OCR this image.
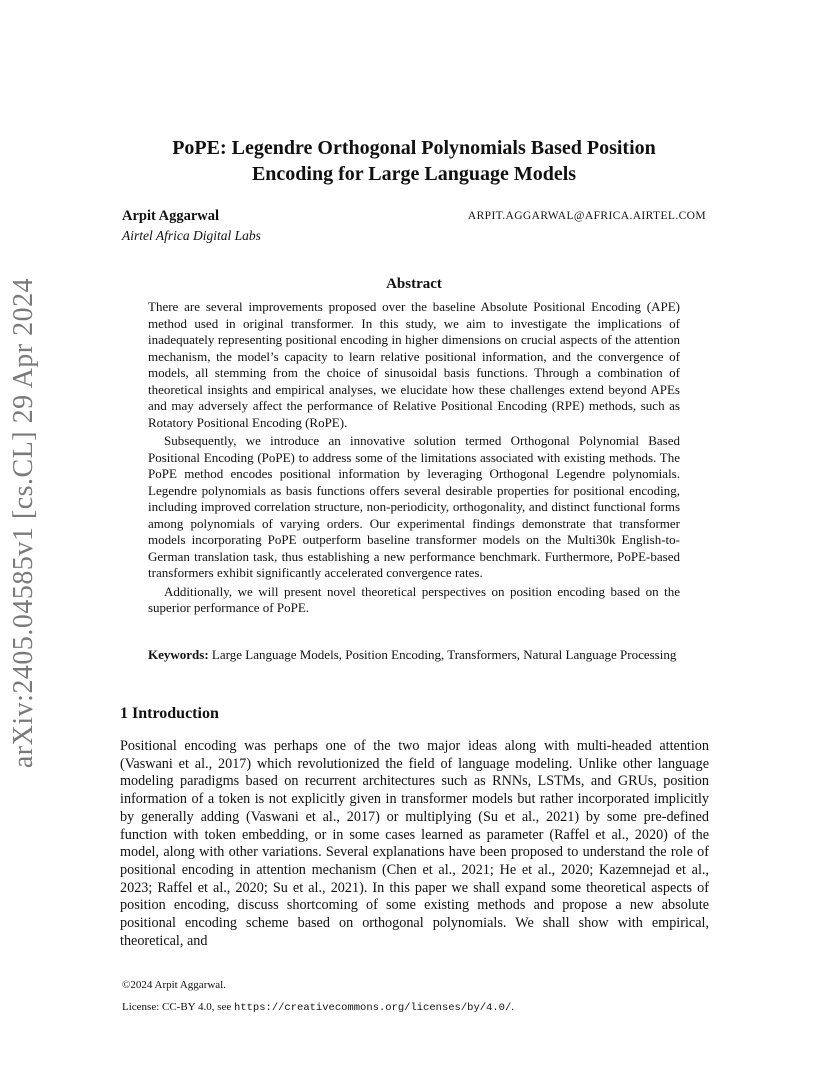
arXiv:2405.04585v1 [cs.CL] 29 Apr 2024
PoPE: Legendre Orthogonal Polynomials Based Position
Encoding for Large Language Models
Arpit Aggarwal
Airtel Africa Digital Labs
ARPIT.AGGARWAL@AFRICA.AIRTEL.COM
Abstract

There are several improvements proposed over the baseline Absolute Positional Encoding (APE) method used in original transformer. In this study, we aim to investigate the implications of inadequately representing positional encoding in higher dimensions on crucial aspects of the attention mechanism, the model’s capacity to learn relative positional information, and the convergence of models, all stemming from the choice of sinusoidal basis functions. Through a combination of theoretical insights and empirical analyses, we elucidate how these challenges extend beyond APEs and may adversely affect the performance of Relative Positional Encoding (RPE) methods, such as Rotatory Positional Encoding (RoPE).

Subsequently, we introduce an innovative solution termed Orthogonal Polynomial Based Positional Encoding (PoPE) to address some of the limitations associated with existing methods. The PoPE method encodes positional information by leveraging Orthogonal Legendre polynomials. Legendre polynomials as basis functions offers several desirable properties for positional encoding, including improved correlation structure, non-periodicity, orthogonality, and distinct functional forms among polynomials of varying orders. Our experimental findings demonstrate that transformer models incorporating PoPE outperform baseline transformer models on the Multi30k English-to-German translation task, thus establishing a new performance benchmark. Furthermore, PoPE-based transformers exhibit significantly accelerated convergence rates.

Additionally, we will present novel theoretical perspectives on position encoding based on the superior performance of PoPE.

Keywords: Large Language Models, Position Encoding, Transformers, Natural Language Processing
1 Introduction

Positional encoding was perhaps one of the two major ideas along with multi-headed attention (Vaswani et al., 2017) which revolutionized the field of language modeling. Unlike other language modeling paradigms based on recurrent architectures such as RNNs, LSTMs, and GRUs, position information of a token is not explicitly given in transformer models but rather incorporated implicitly by generally adding (Vaswani et al., 2017) or multiplying (Su et al., 2021) by some pre-defined function with token embedding, or in some cases learned as parameter (Raffel et al., 2020) of the model, along with other variations. Several explanations have been proposed to understand the role of positional encoding in attention mechanism (Chen et al., 2021; He et al., 2020; Kazemnejad et al., 2023; Raffel et al., 2020; Su et al., 2021). In this paper we shall expand some theoretical aspects of position encoding, discuss shortcoming of some existing methods and propose a new absolute positional encoding scheme based on orthogonal polynomials. We shall show with empirical, theoretical, and

©2024 Arpit Aggarwal.
License: CC-BY 4.0, see https://creativecommons.org/licenses/by/4.0/.
